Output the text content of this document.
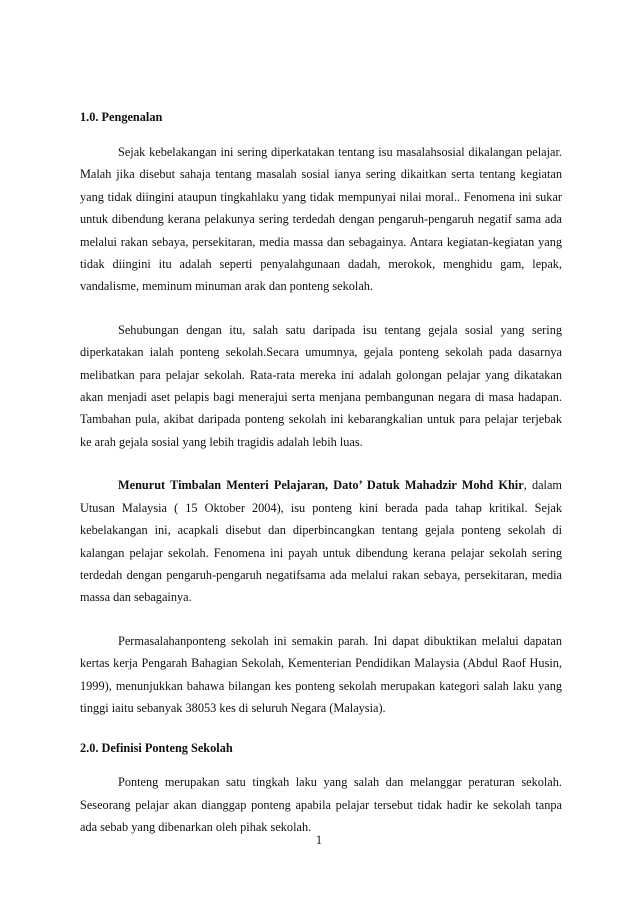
1.0. Pengenalan

Sejak kebelakangan ini sering diperkatakan tentang isu masalahsosial dikalangan pelajar. Malah jika disebut sahaja tentang masalah sosial ianya sering dikaitkan serta tentang kegiatan yang tidak diingini ataupun tingkahlaku yang tidak mempunyai nilai moral.. Fenomena ini sukar untuk dibendung kerana pelakunya sering terdedah dengan pengaruh-pengaruh negatif sama ada melalui rakan sebaya, persekitaran, media massa dan sebagainya. Antara kegiatan-kegiatan yang tidak diingini itu adalah seperti penyalahgunaan dadah, merokok, menghidu gam, lepak, vandalisme, meminum minuman arak dan ponteng sekolah.

Sehubungan dengan itu, salah satu daripada isu tentang gejala sosial yang sering diperkatakan ialah ponteng sekolah.Secara umumnya, gejala ponteng sekolah pada dasarnya melibatkan para pelajar sekolah. Rata-rata mereka ini adalah golongan pelajar yang dikatakan akan menjadi aset pelapis bagi menerajui serta menjana pembangunan negara di masa hadapan. Tambahan pula, akibat daripada ponteng sekolah ini kebarangkalian untuk para pelajar terjebak ke arah gejala sosial yang lebih tragidis adalah lebih luas.

Menurut Timbalan Menteri Pelajaran, Dato’ Datuk Mahadzir Mohd Khir, dalam Utusan Malaysia ( 15 Oktober 2004), isu ponteng kini berada pada tahap kritikal. Sejak kebelakangan ini, acapkali disebut dan diperbincangkan tentang gejala ponteng sekolah di kalangan pelajar sekolah. Fenomena ini payah untuk dibendung kerana pelajar sekolah sering terdedah dengan pengaruh-pengaruh negatifsama ada melalui rakan sebaya, persekitaran, media massa dan sebagainya.

Permasalahanponteng sekolah ini semakin parah. Ini dapat dibuktikan melalui dapatan kertas kerja Pengarah Bahagian Sekolah, Kementerian Pendidikan Malaysia (Abdul Raof Husin, 1999), menunjukkan bahawa bilangan kes ponteng sekolah merupakan kategori salah laku yang tinggi iaitu sebanyak 38053 kes di seluruh Negara (Malaysia).

2.0. Definisi Ponteng Sekolah

Ponteng merupakan satu tingkah laku yang salah dan melanggar peraturan sekolah. Seseorang pelajar akan dianggap ponteng apabila pelajar tersebut tidak hadir ke sekolah tanpa ada sebab yang dibenarkan oleh pihak sekolah.

1
